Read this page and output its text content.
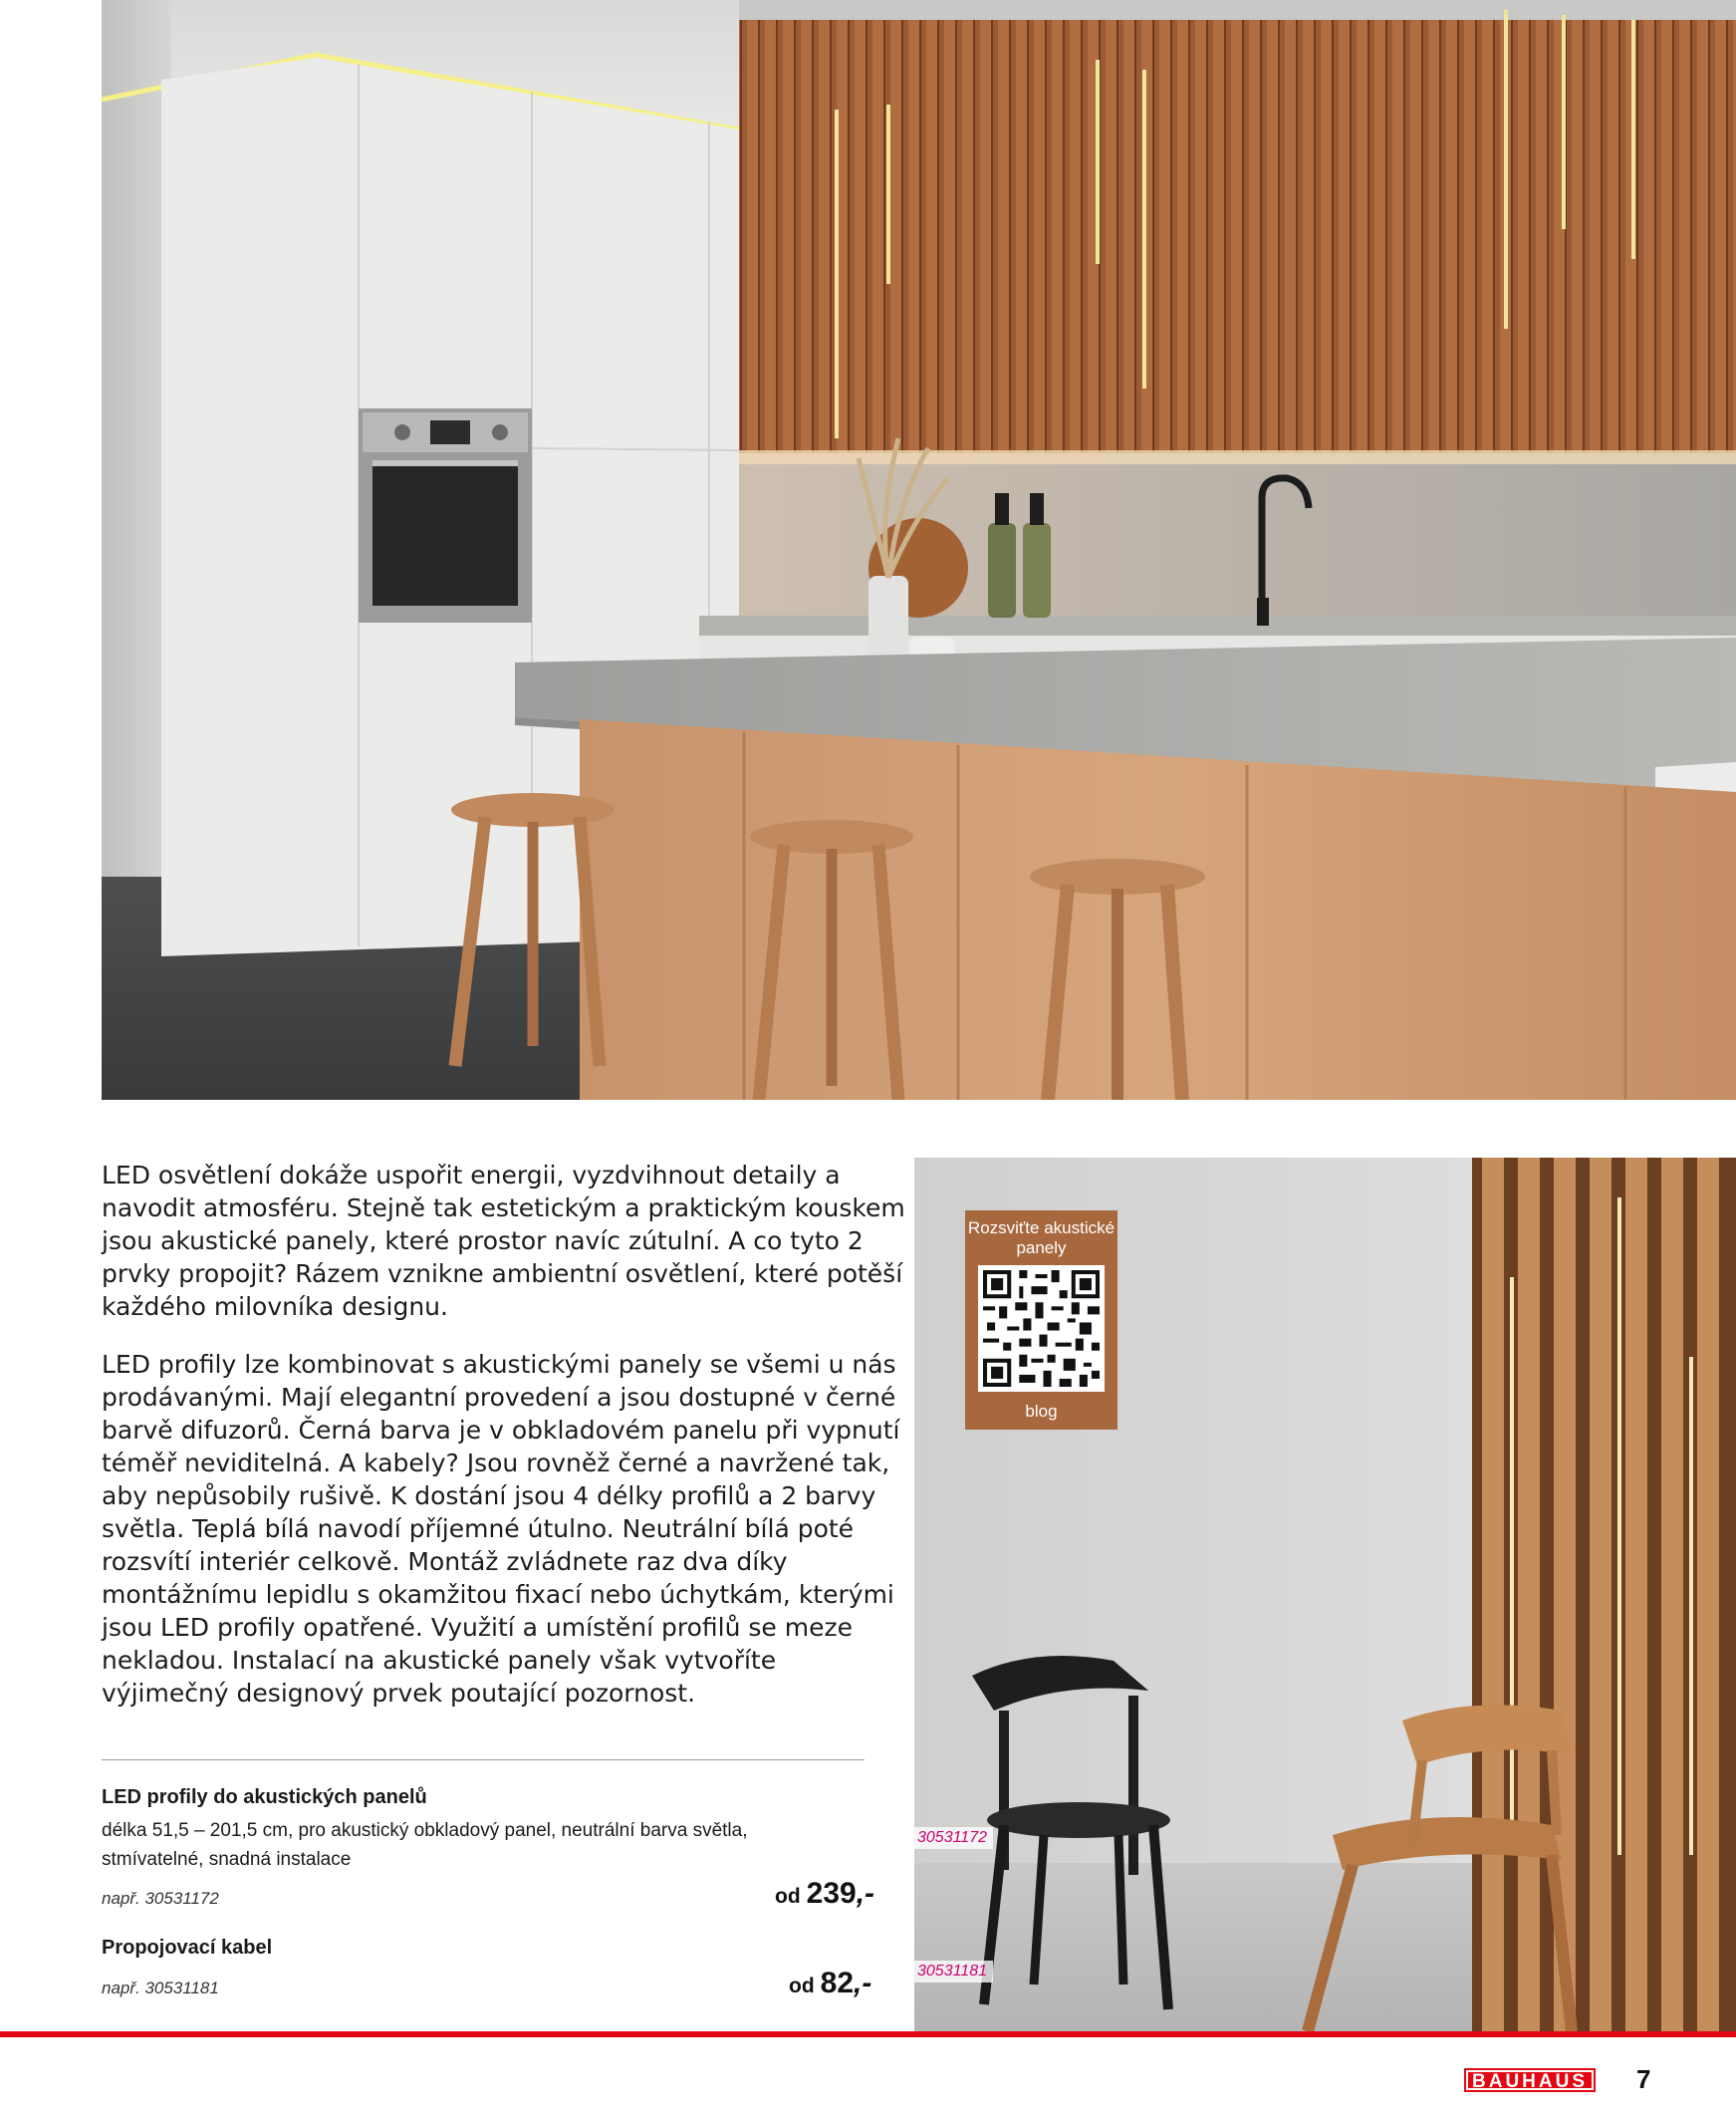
LED osvětlení dokáže uspořit energii, vyzdvihnout detaily a navodit atmosféru. Stejně tak estetickým a praktickým kouskem jsou akustické panely, které prostor navíc zútulní. A co tyto 2 prvky propojit? Rázem vznikne ambientní osvětlení, které potěší každého milovníka designu.
LED profily lze kombinovat s akustickými panely se všemi u nás prodávanými. Mají elegantní provedení a jsou dostupné v černé barvě difuzorů. Černá barva je v obkladovém panelu při vypnutí téměř neviditelná. A kabely? Jsou rovněž černé a navržené tak, aby nepůsobily rušivě. K dostání jsou 4 délky profilů a 2 barvy světla. Teplá bílá navodí příjemné útulno. Neutrální bílá poté rozsvítí interiér celkově. Montáž zvládnete raz dva díky montážnímu lepidlu s okamžitou fixací nebo úchytkám, kterými jsou LED profily opatřené. Využití a umístění profilů se meze nekladou. Instalací na akustické panely však vytvoříte výjimečný designový prvek poutající pozornost.
LED profily do akustických panelů
délka 51,5 – 201,5 cm, pro akustický obkladový panel, neutrální barva světla, stmívatelné, snadná instalace
např. 30531172	od 239,-
Propojovací kabel
např. 30531181	od 82,-
30531172
30531181
Rozsviťte akustické panely
blog
BAUHAUS	7
